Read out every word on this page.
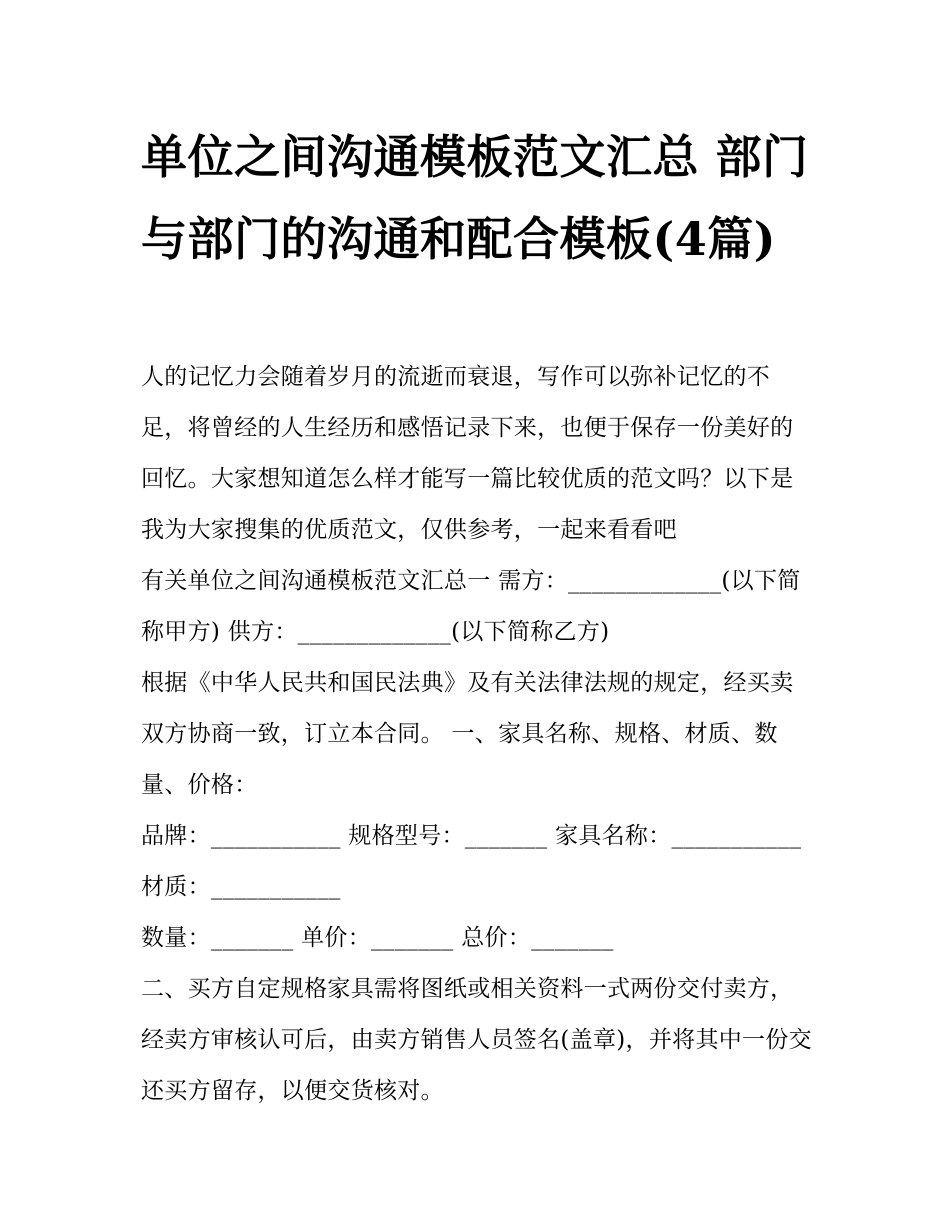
单位之间沟通模板范文汇总 部门与部门的沟通和配合模板(4篇)

人的记忆力会随着岁月的流逝而衰退，写作可以弥补记忆的不足，将曾经的人生经历和感悟记录下来，也便于保存一份美好的回忆。大家想知道怎么样才能写一篇比较优质的范文吗？以下是我为大家搜集的优质范文，仅供参考，一起来看看吧

有关单位之间沟通模板范文汇总一 需方：_____________(以下简称甲方) 供方：_____________(以下简称乙方)

根据《中华人民共和国民法典》及有关法律法规的规定，经买卖双方协商一致，订立本合同。 一、家具名称、规格、材质、数量、价格：

品牌：___________ 规格型号：_______ 家具名称：___________ 材质：___________

数量：_______ 单价：_______ 总价：_______

二、买方自定规格家具需将图纸或相关资料一式两份交付卖方，经卖方审核认可后，由卖方销售人员签名(盖章)，并将其中一份交还买方留存，以便交货核对。
